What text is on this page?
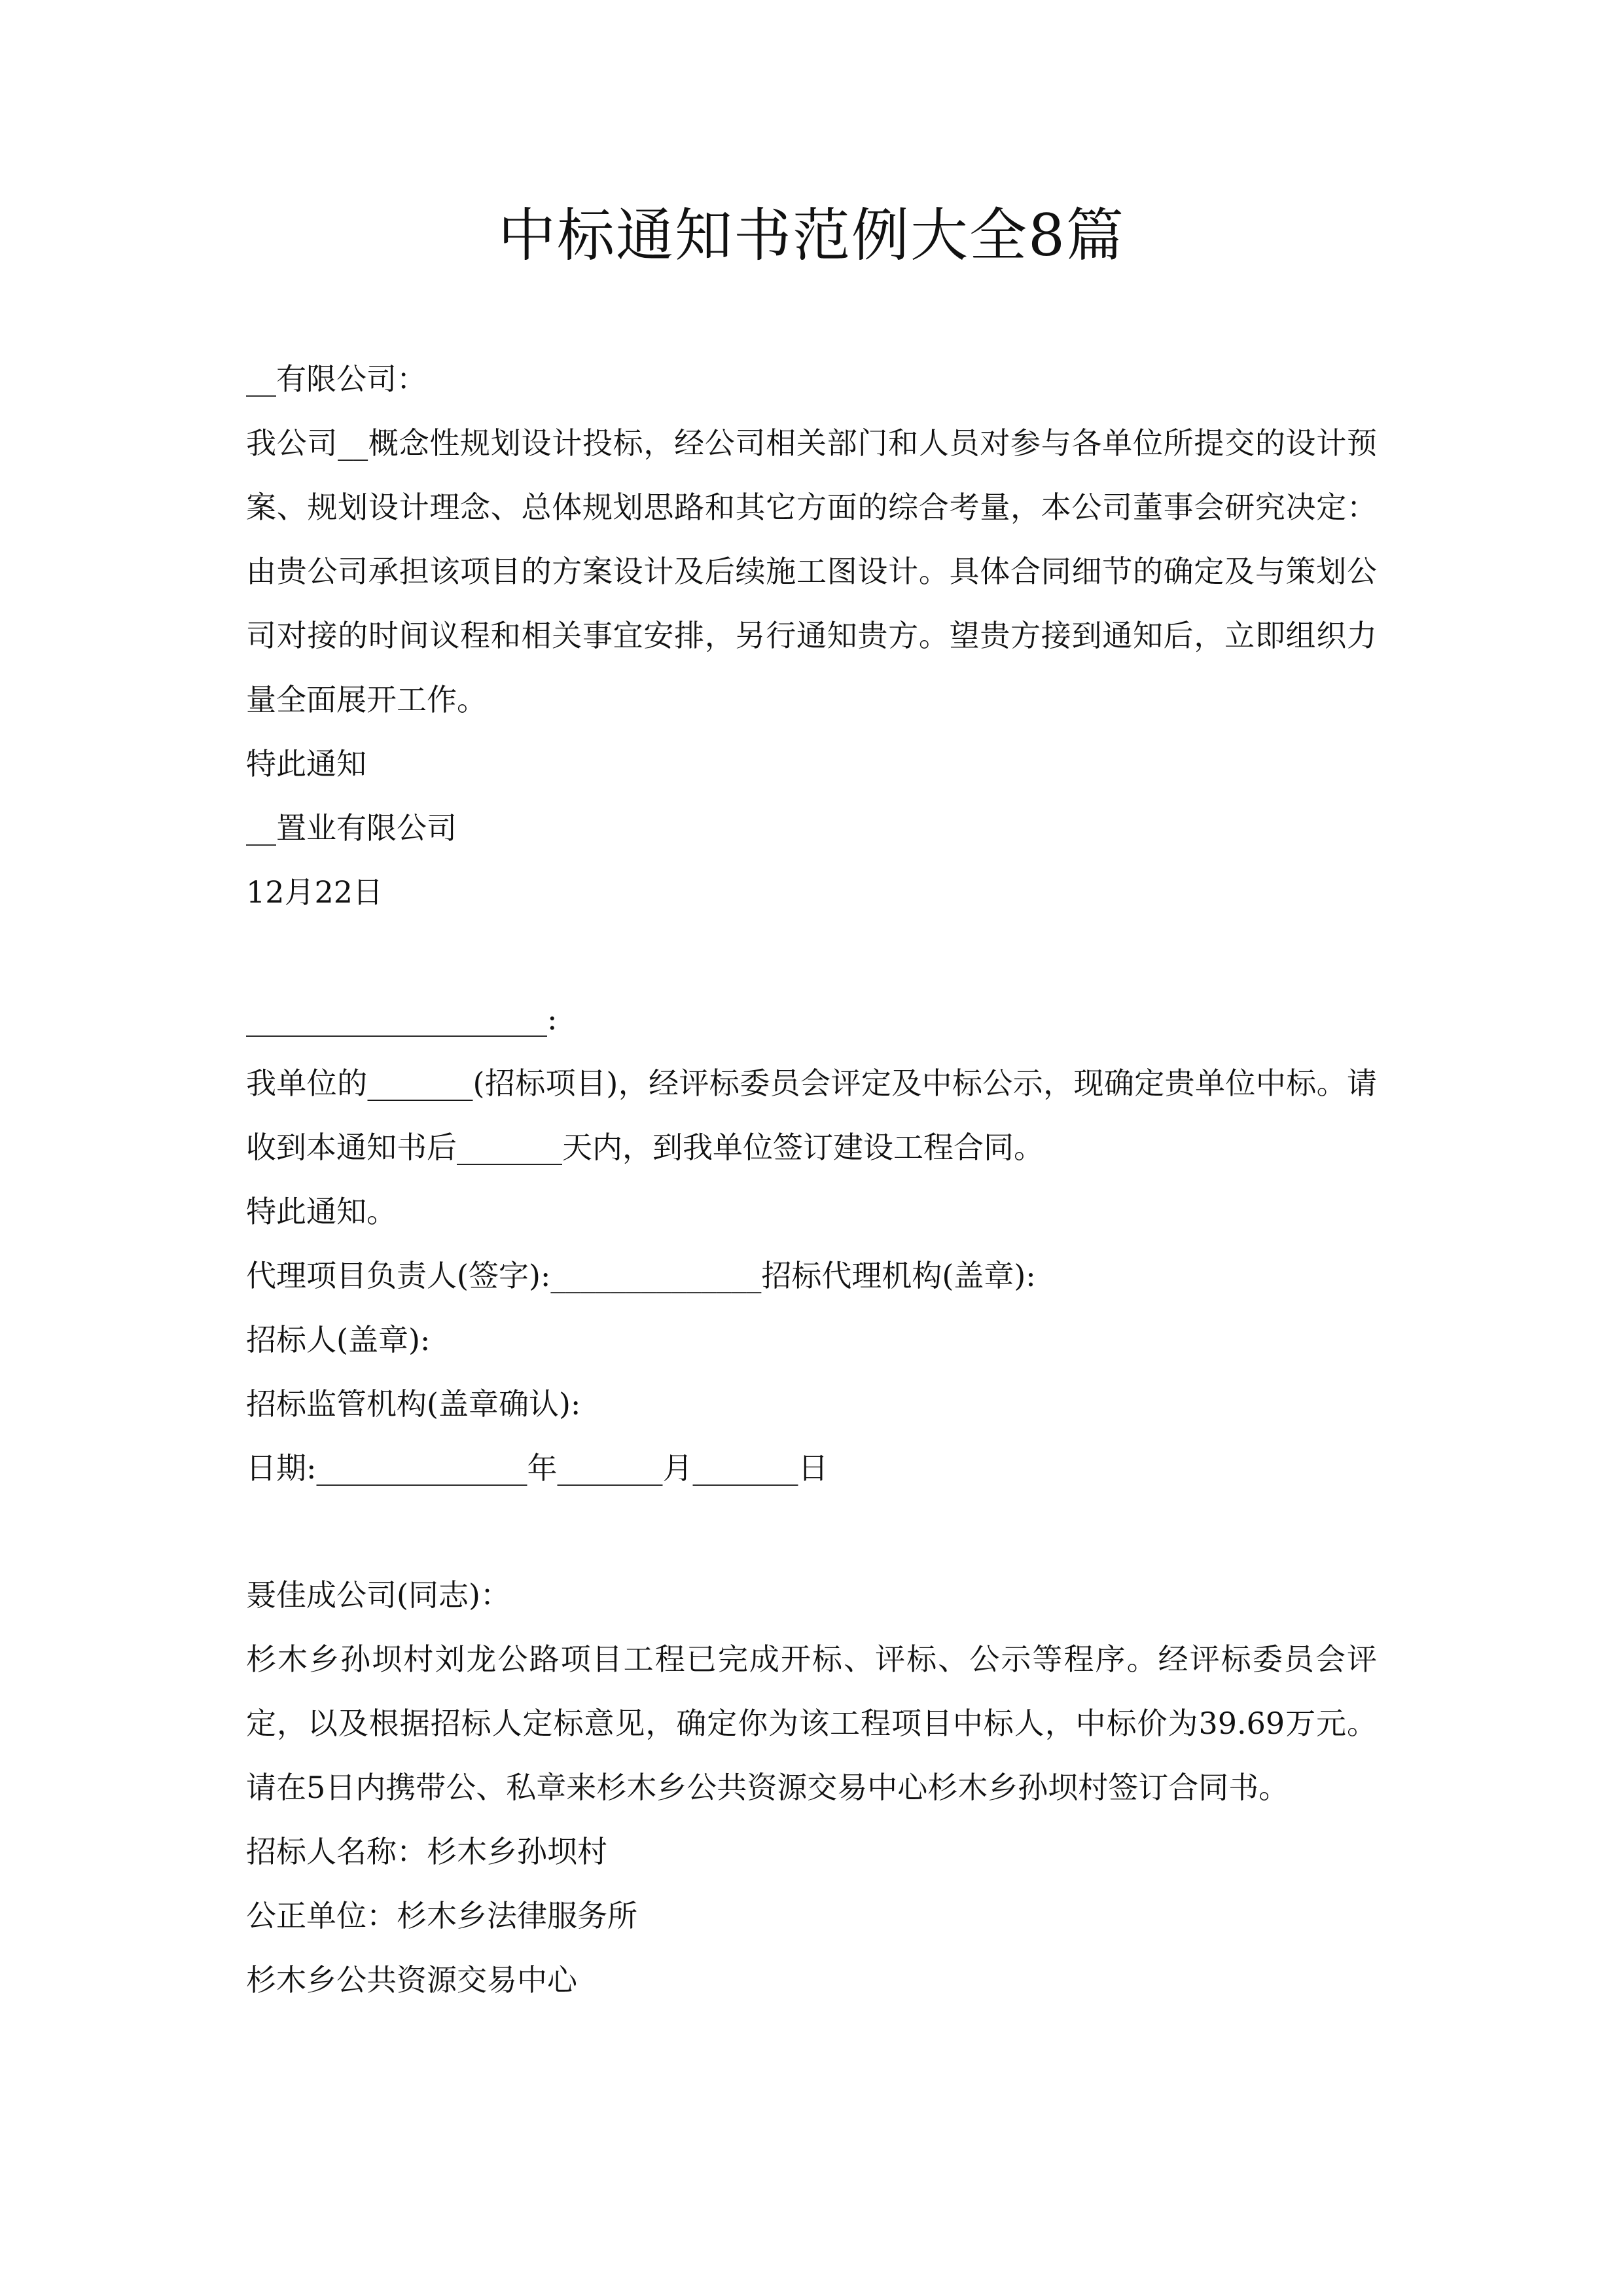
中标通知书范例大全8篇

__有限公司：

我公司__概念性规划设计投标，经公司相关部门和人员对参与各单位所提交的设计预案、规划设计理念、总体规划思路和其它方面的综合考量，本公司董事会研究决定：由贵公司承担该项目的方案设计及后续施工图设计。具体合同细节的确定及与策划公司对接的时间议程和相关事宜安排，另行通知贵方。望贵方接到通知后，立即组织力量全面展开工作。

特此通知

__置业有限公司

12月22日

____________________:

我单位的_______(招标项目)，经评标委员会评定及中标公示，现确定贵单位中标。请收到本通知书后_______天内，到我单位签订建设工程合同。

特此通知。

代理项目负责人(签字):______________招标代理机构(盖章):

招标人(盖章):

招标监管机构(盖章确认):

日期:______________年_______月_______日

聂佳成公司(同志)：

杉木乡孙坝村刘龙公路项目工程已完成开标、评标、公示等程序。经评标委员会评定，以及根据招标人定标意见，确定你为该工程项目中标人，中标价为39.69万元。请在5日内携带公、私章来杉木乡公共资源交易中心杉木乡孙坝村签订合同书。

招标人名称：杉木乡孙坝村

公正单位：杉木乡法律服务所

杉木乡公共资源交易中心
